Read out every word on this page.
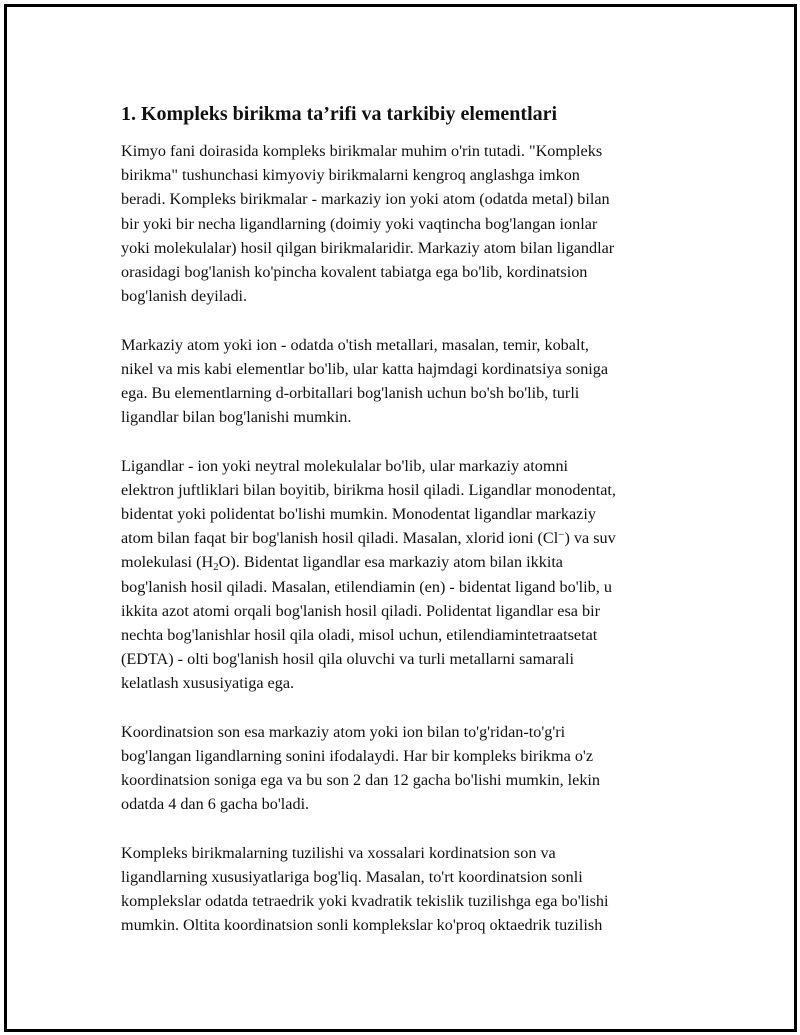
1. Kompleks birikma ta’rifi va tarkibiy elementlari

Kimyo fani doirasida kompleks birikmalar muhim o'rin tutadi. "Kompleks
birikma" tushunchasi kimyoviy birikmalarni kengroq anglashga imkon
beradi. Kompleks birikmalar - markaziy ion yoki atom (odatda metal) bilan
bir yoki bir necha ligandlarning (doimiy yoki vaqtincha bog'langan ionlar
yoki molekulalar) hosil qilgan birikmalaridir. Markaziy atom bilan ligandlar
orasidagi bog'lanish ko'pincha kovalent tabiatga ega bo'lib, kordinatsion
bog'lanish deyiladi.

Markaziy atom yoki ion - odatda o'tish metallari, masalan, temir, kobalt,
nikel va mis kabi elementlar bo'lib, ular katta hajmdagi kordinatsiya soniga
ega. Bu elementlarning d-orbitallari bog'lanish uchun bo'sh bo'lib, turli
ligandlar bilan bog'lanishi mumkin.

Ligandlar - ion yoki neytral molekulalar bo'lib, ular markaziy atomni
elektron juftliklari bilan boyitib, birikma hosil qiladi. Ligandlar monodentat,
bidentat yoki polidentat bo'lishi mumkin. Monodentat ligandlar markaziy
atom bilan faqat bir bog'lanish hosil qiladi. Masalan, xlorid ioni (Cl−) va suv
molekulasi $(H_2O)$. Bidentat ligandlar esa markaziy atom bilan ikkita
bog'lanish hosil qiladi. Masalan, etilendiamin (en) - bidentat ligand bo'lib, u
ikkita azot atomi orqali bog'lanish hosil qiladi. Polidentat ligandlar esa bir
nechta bog'lanishlar hosil qila oladi, misol uchun, etilendiamintetraatsetat
(EDTA) - olti bog'lanish hosil qila oluvchi va turli metallarni samarali
kelatlash xususiyatiga ega.

Koordinatsion son esa markaziy atom yoki ion bilan to'g'ridan-to'g'ri
bog'langan ligandlarning sonini ifodalaydi. Har bir kompleks birikma o'z
koordinatsion soniga ega va bu son 2 dan 12 gacha bo'lishi mumkin, lekin
odatda 4 dan 6 gacha bo'ladi.

Kompleks birikmalarning tuzilishi va xossalari kordinatsion son va
ligandlarning xususiyatlariga bog'liq. Masalan, to'rt koordinatsion sonli
komplekslar odatda tetraedrik yoki kvadratik tekislik tuzilishga ega bo'lishi
mumkin. Oltita koordinatsion sonli komplekslar ko'proq oktaedrik tuzilish
